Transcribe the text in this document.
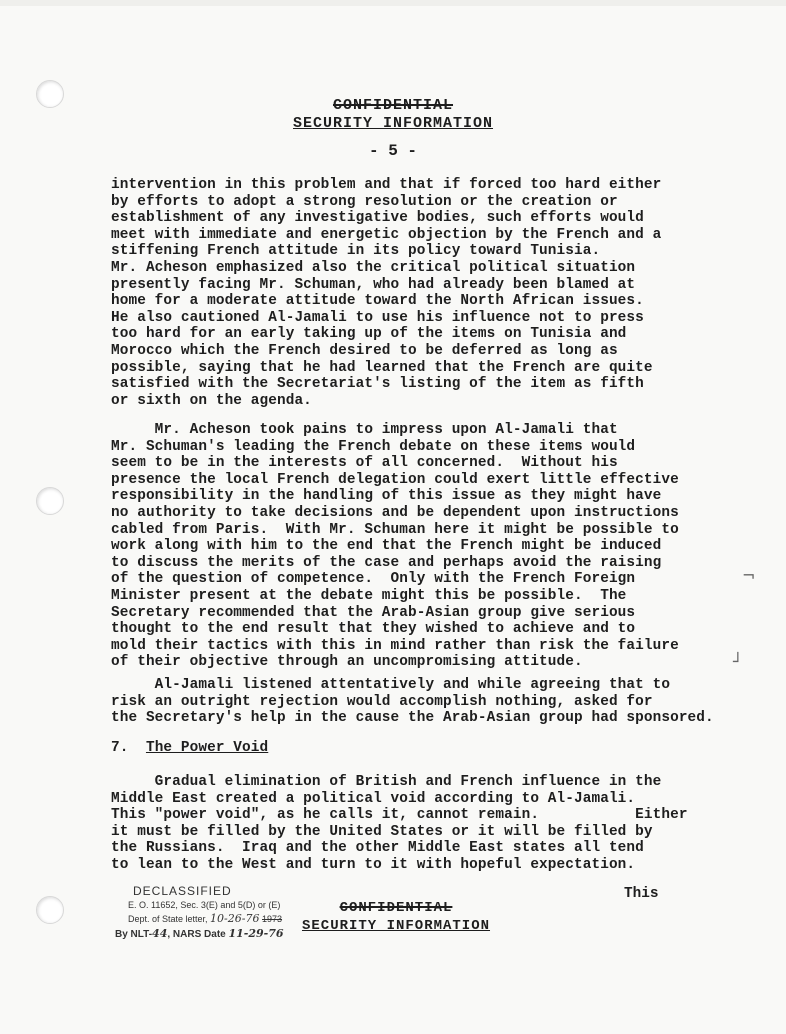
CONFIDENTIAL
SECURITY INFORMATION
- 5 -

intervention in this problem and that if forced too hard either
by efforts to adopt a strong resolution or the creation or
establishment of any investigative bodies, such efforts would
meet with immediate and energetic objection by the French and a
stiffening French attitude in its policy toward Tunisia.
Mr. Acheson emphasized also the critical political situation
presently facing Mr. Schuman, who had already been blamed at
home for a moderate attitude toward the North African issues.
He also cautioned Al-Jamali to use his influence not to press
too hard for an early taking up of the items on Tunisia and
Morocco which the French desired to be deferred as long as
possible, saying that he had learned that the French are quite
satisfied with the Secretariat's listing of the item as fifth
or sixth on the agenda.

Mr. Acheson took pains to impress upon Al-Jamali that
Mr. Schuman's leading the French debate on these items would
seem to be in the interests of all concerned.  Without his
presence the local French delegation could exert little effective
responsibility in the handling of this issue as they might have
no authority to take decisions and be dependent upon instructions
cabled from Paris.  With Mr. Schuman here it might be possible to
work along with him to the end that the French might be induced
to discuss the merits of the case and perhaps avoid the raising
of the question of competence.  Only with the French Foreign
Minister present at the debate might this be possible.  The
Secretary recommended that the Arab-Asian group give serious
thought to the end result that they wished to achieve and to
mold their tactics with this in mind rather than risk the failure
of their objective through an uncompromising attitude.

Al-Jamali listened attentatively and while agreeing that to
risk an outright rejection would accomplish nothing, asked for
the Secretary's help in the cause the Arab-Asian group had sponsored.

7.  The Power Void

Gradual elimination of British and French influence in the
Middle East created a political void according to Al-Jamali.
This "power void", as he calls it, cannot remain.           Either
it must be filled by the United States or it will be filled by
the Russians.  Iraq and the other Middle East states all tend
to lean to the West and turn to it with hopeful expectation.

¬
┘
This
CONFIDENTIAL
SECURITY INFORMATION
DECLASSIFIED
E. O. 11652, Sec. 3(E) and 5(D) or (E)
Dept. of State letter, 10-26-76 1973
By NLT-44, NARS Date 11-29-76
